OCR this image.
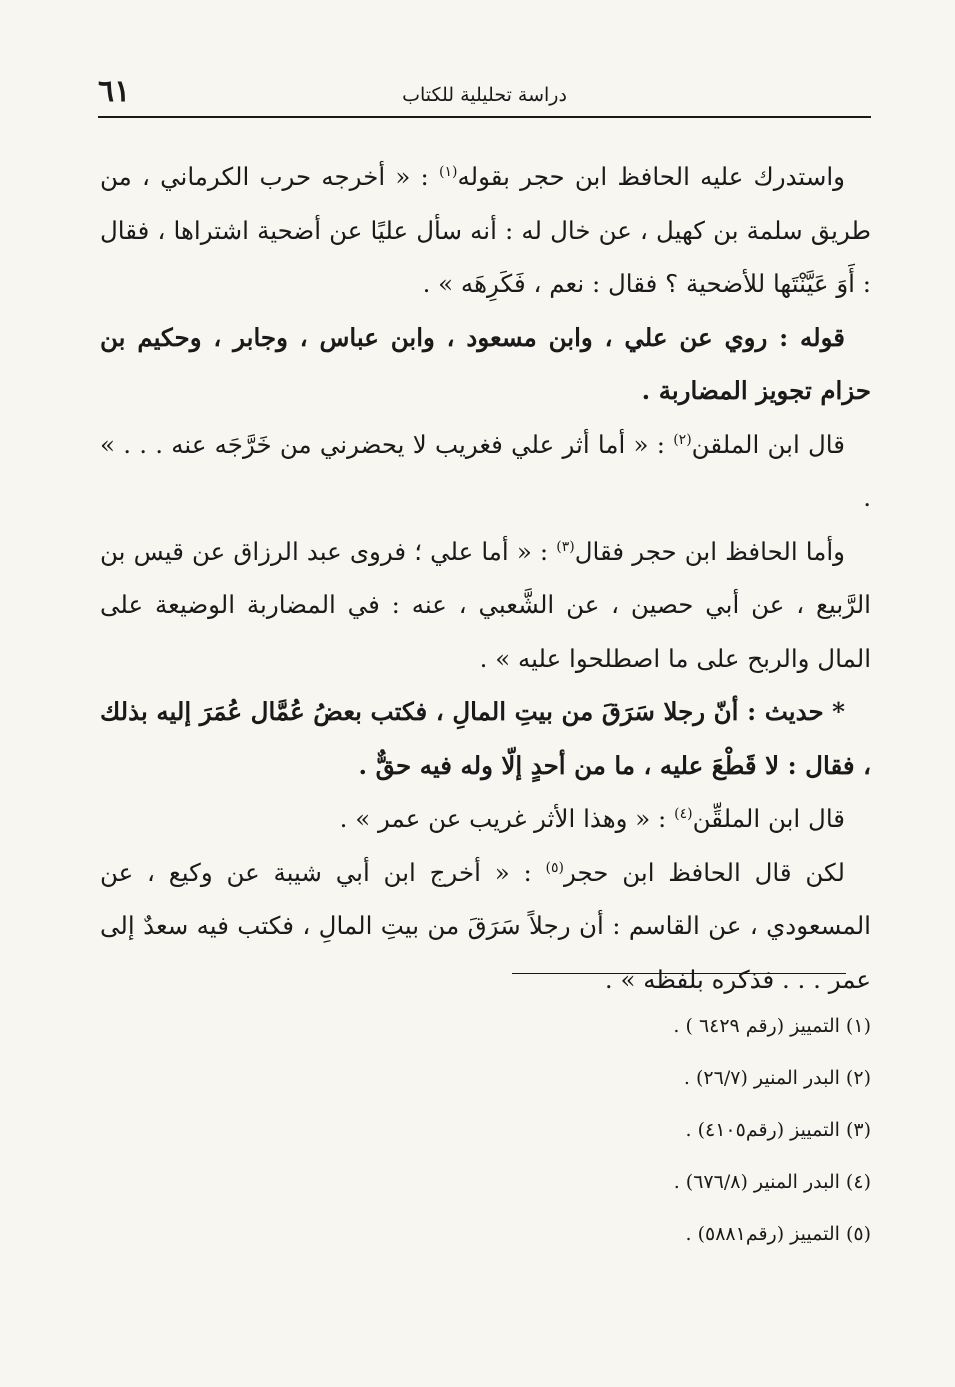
٦١	دراسة تحليلية للكتاب

واستدرك عليه الحافظ ابن حجر بقوله$^{(١)}$ : « أخرجه حرب الكرماني ، من طريق سلمة بن كهيل ، عن خال له : أنه سأل عليًا عن أضحية اشتراها ، فقال : أَوَ عَيَّنْتَها للأضحية ؟ فقال : نعم ، فَكَرِهَه » .

قوله : روي عن علي ، وابن مسعود ، وابن عباس ، وجابر ، وحكيم بن حزام تجويز المضاربة .

قال ابن الملقن$^{(٢)}$ : « أما أثر علي فغريب لا يحضرني من خَرَّجَه عنه . . . » .

وأما الحافظ ابن حجر فقال$^{(٣)}$ : « أما علي ؛ فروى عبد الرزاق عن قيس بن الرَّبيع ، عن أبي حصين ، عن الشَّعبي ، عنه : في المضاربة الوضيعة على المال والربح على ما اصطلحوا عليه » .

* حديث : أنّ رجلا سَرَقَ من بيتِ المالِ ، فكتب بعضُ عُمَّال عُمَرَ إليه بذلك ، فقال : لا قَطْعَ عليه ، ما من أحدٍ إلّا وله فيه حقٌّ .

قال ابن الملقِّن$^{(٤)}$ : « وهذا الأثر غريب عن عمر » .

لكن قال الحافظ ابن حجر$^{(٥)}$ : « أخرج ابن أبي شيبة عن وكيع ، عن المسعودي ، عن القاسم : أن رجلاً سَرَقَ من بيتِ المالِ ، فكتب فيه سعدٌ إلى عمر . . . فذكره بلفظه » .

(١) التمييز (رقم ٦٤٢٩ ) .
(٢) البدر المنير (٢٦/٧) .
(٣) التمييز (رقم٤١٠٥) .
(٤) البدر المنير (٦٧٦/٨) .
(٥) التمييز (رقم٥٨٨١) .
